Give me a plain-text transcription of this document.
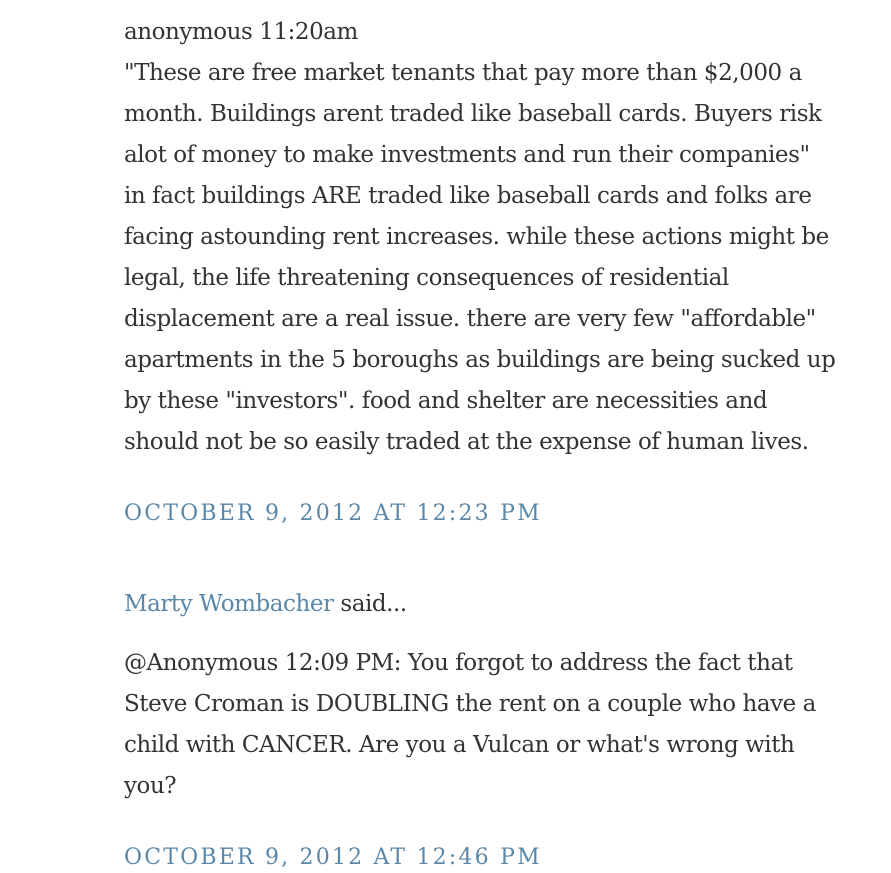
anonymous 11:20am

"These are free market tenants that pay more than $2,000 a

month. Buildings arent traded like baseball cards. Buyers risk

alot of money to make investments and run their companies"

in fact buildings ARE traded like baseball cards and folks are

facing astounding rent increases. while these actions might be

legal, the life threatening consequences of residential

displacement are a real issue. there are very few "affordable"

apartments in the 5 boroughs as buildings are being sucked up

by these "investors". food and shelter are necessities and

should not be so easily traded at the expense of human lives.

OCTOBER 9, 2012 AT 12:23 PM
Marty Wombacher said...

@Anonymous 12:09 PM: You forgot to address the fact that

Steve Croman is DOUBLING the rent on a couple who have a

child with CANCER. Are you a Vulcan or what's wrong with

you?

OCTOBER 9, 2012 AT 12:46 PM
